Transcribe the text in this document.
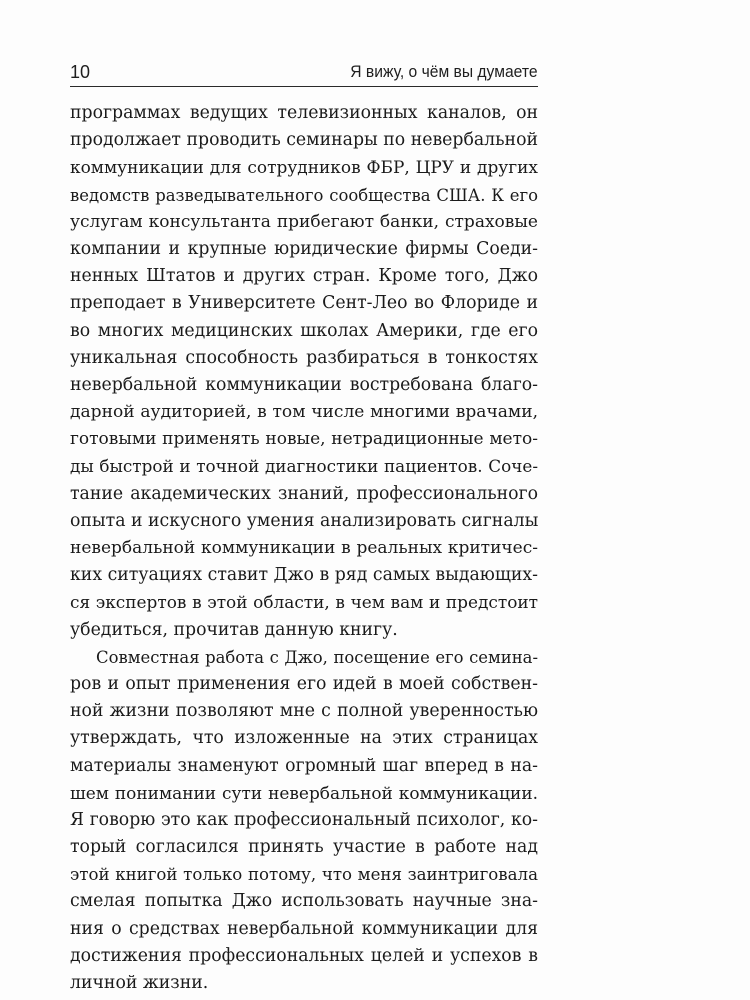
10	Я вижу, о чём вы думаете
программах ведущих телевизионных каналов, он
продолжает проводить семинары по невербальной
коммуникации для сотрудников ФБР, ЦРУ и других
ведомств разведывательного сообщества США. К его
услугам консультанта прибегают банки, страховые
компании и крупные юридические фирмы Соеди-
ненных Штатов и других стран. Кроме того, Джо
преподает в Университете Сент-Лео во Флориде и
во многих медицинских школах Америки, где его
уникальная способность разбираться в тонкостях
невербальной коммуникации востребована благо-
дарной аудиторией, в том числе многими врачами,
готовыми применять новые, нетрадиционные мето-
ды быстрой и точной диагностики пациентов. Соче-
тание академических знаний, профессионального
опыта и искусного умения анализировать сигналы
невербальной коммуникации в реальных критичес-
ких ситуациях ставит Джо в ряд самых выдающих-
ся экспертов в этой области, в чем вам и предстоит
убедиться, прочитав данную книгу.
Совместная работа с Джо, посещение его семина-
ров и опыт применения его идей в моей собствен-
ной жизни позволяют мне с полной уверенностью
утверждать, что изложенные на этих страницах
материалы знаменуют огромный шаг вперед в на-
шем понимании сути невербальной коммуникации.
Я говорю это как профессиональный психолог, ко-
торый согласился принять участие в работе над
этой книгой только потому, что меня заинтриговала
смелая попытка Джо использовать научные зна-
ния о средствах невербальной коммуникации для
достижения профессиональных целей и успехов в
личной жизни.
